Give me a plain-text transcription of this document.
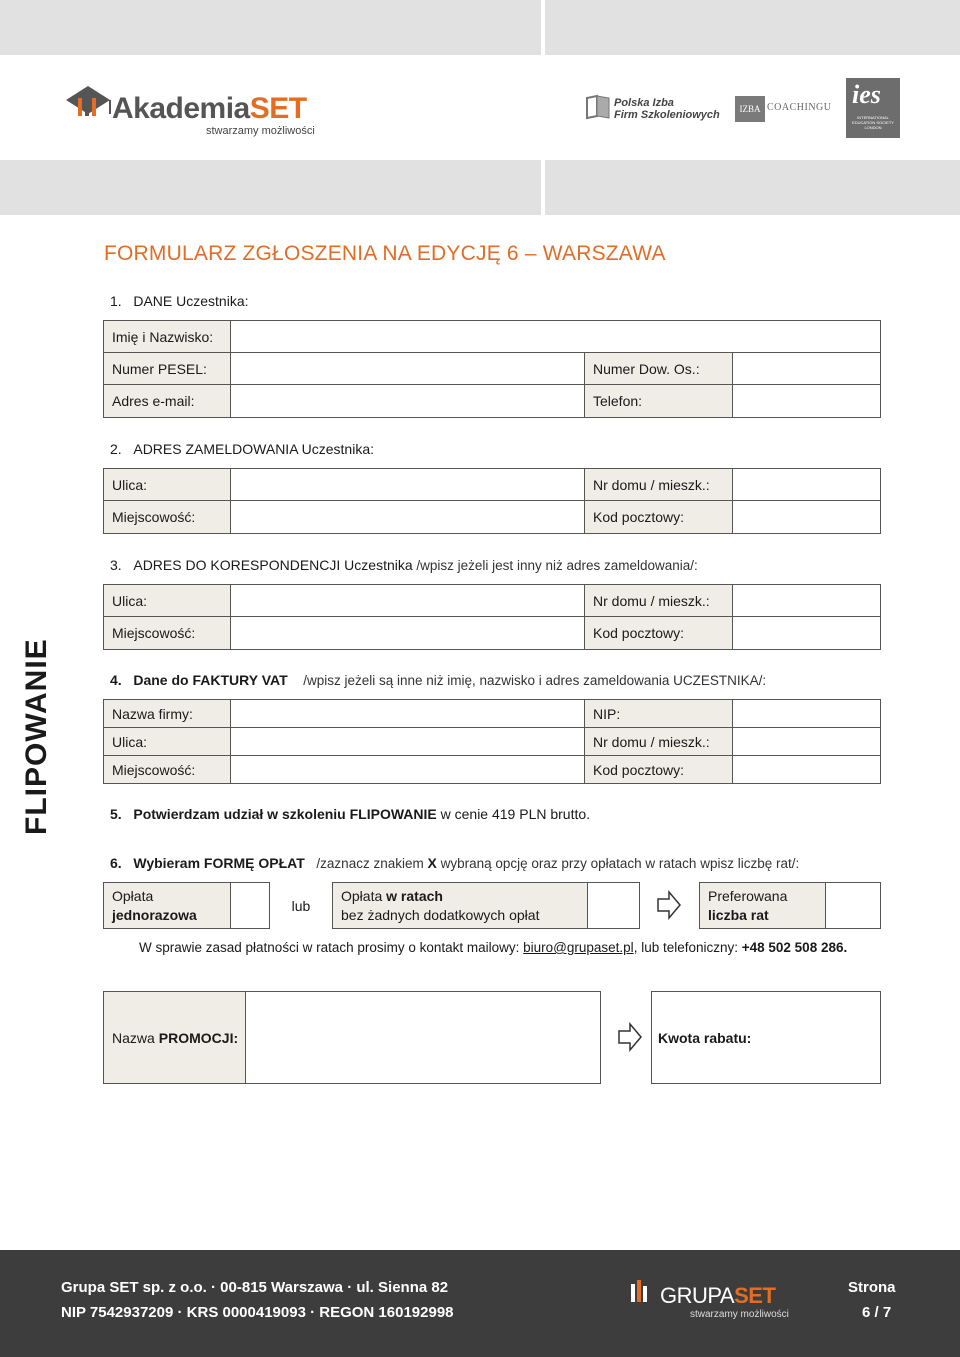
AkademiaSET
stwarzamy możliwości
Polska Izba
Firm Szkoleniowych	IZBA COACHINGU ies
INTERNATIONAL EDUCATION SOCIETY LONDON
FLIPOWANIE
FORMULARZ ZGŁOSZENIA NA EDYCJĘ 6 – WARSZAWA
1. DANE Uczestnika:
Imię i Nazwisko:
Numer PESEL:	Numer Dow. Os.:
Adres e-mail:	Telefon:
2. ADRES ZAMELDOWANIA Uczestnika:
Ulica:	Nr domu / mieszk.:
Miejscowość:	Kod pocztowy:
3. ADRES DO KORESPONDENCJI Uczestnika /wpisz jeżeli jest inny niż adres zameldowania/:
Ulica:	Nr domu / mieszk.:
Miejscowość:	Kod pocztowy:
4. Dane do FAKTURY VAT /wpisz jeżeli są inne niż imię, nazwisko i adres zameldowania UCZESTNIKA/:
Nazwa firmy:	NIP:
Ulica:	Nr domu / mieszk.:
Miejscowość:	Kod pocztowy:
5. Potwierdzam udział w szkoleniu FLIPOWANIE w cenie 419 PLN brutto.
6. Wybieram FORMĘ OPŁAT /zaznacz znakiem X wybraną opcję oraz przy opłatach w ratach wpisz liczbę rat/:
Opłata
jednorazowa
lub
Opłata w ratach
bez żadnych dodatkowych opłat
Preferowana
liczba rat
W sprawie zasad płatności w ratach prosimy o kontakt mailowy: biuro@grupaset.pl, lub telefoniczny: +48 502 508 286.
Nazwa PROMOCJI:	Kwota rabatu:
Grupa SET sp. z o.o. · 00-815 Warszawa · ul. Sienna 82
NIP 7542937209 · KRS 0000419093 · REGON 160192998
GRUPASET
stwarzamy możliwości
Strona
6 / 7
